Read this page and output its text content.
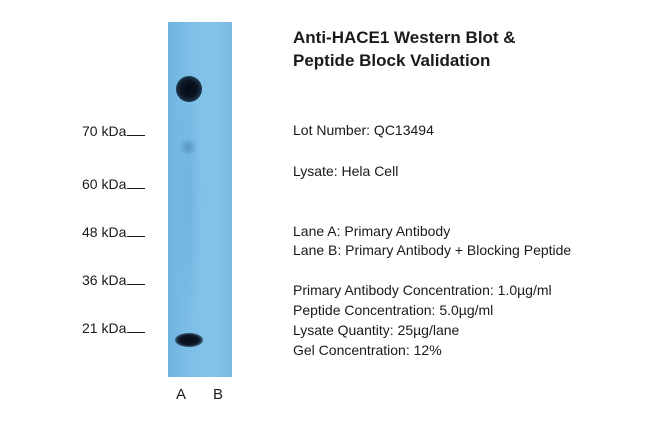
70 kDa
60 kDa
48 kDa
36 kDa
21 kDa
A B
Anti-HACE1 Western Blot &
Peptide Block Validation
Lot Number: QC13494
Lysate: Hela Cell
Lane A: Primary Antibody
Lane B: Primary Antibody + Blocking Peptide
Primary Antibody Concentration: 1.0µg/ml
Peptide Concentration: 5.0µg/ml
Lysate Quantity: 25µg/lane
Gel Concentration: 12%
